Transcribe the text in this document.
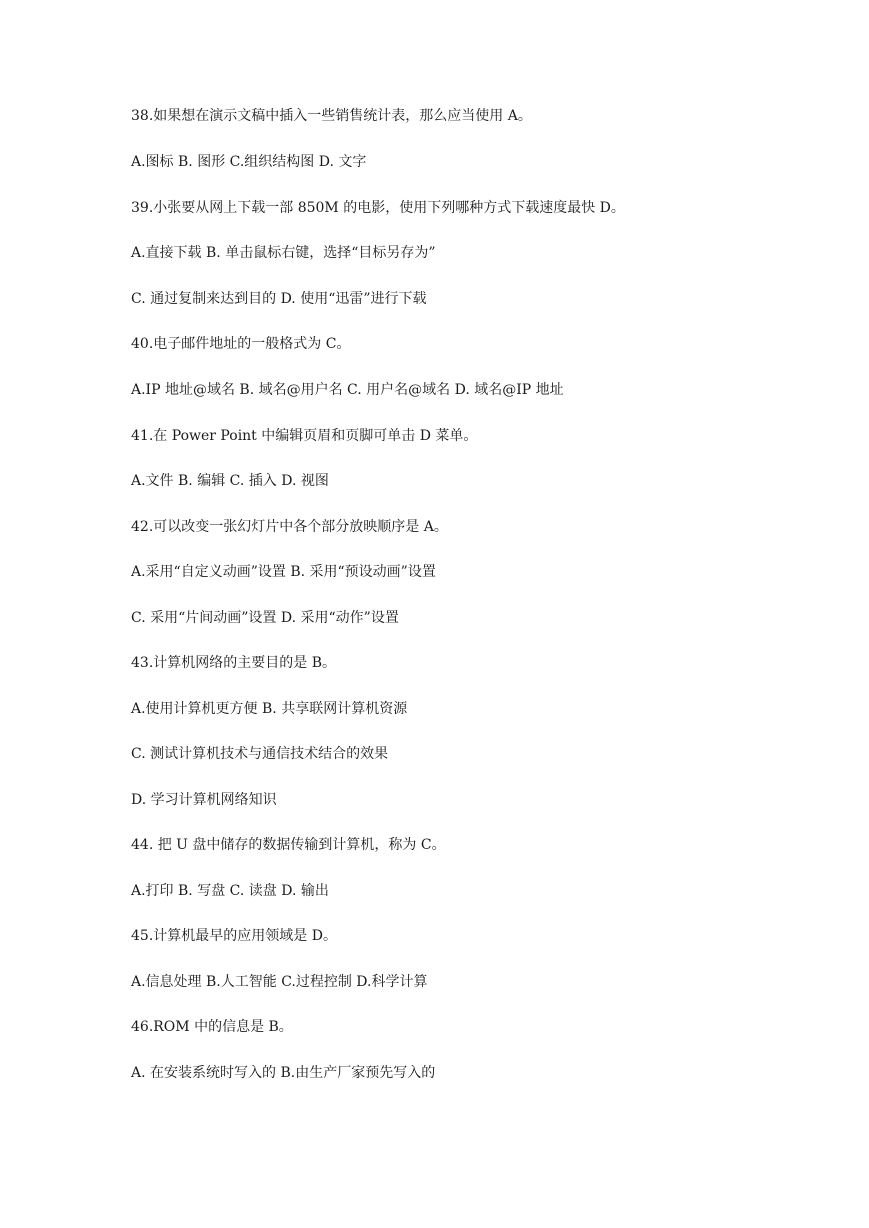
38.如果想在演示文稿中插入一些销售统计表，那么应当使用 A。
A.图标 B. 图形 C.组织结构图 D. 文字
39.小张要从网上下载一部 850M 的电影，使用下列哪种方式下载速度最快 D。
A.直接下载 B. 单击鼠标右键，选择“目标另存为”
C. 通过复制来达到目的 D. 使用“迅雷”进行下载
40.电子邮件地址的一般格式为 C。
A.IP 地址@域名 B. 域名@用户名 C. 用户名@域名 D. 域名@IP 地址
41.在 Power Point 中编辑页眉和页脚可单击 D 菜单。
A.文件 B. 编辑 C. 插入 D. 视图
42.可以改变一张幻灯片中各个部分放映顺序是 A。
A.采用“自定义动画”设置 B. 采用“预设动画”设置
C. 采用“片间动画”设置 D. 采用“动作”设置
43.计算机网络的主要目的是 B。
A.使用计算机更方便 B. 共享联网计算机资源
C. 测试计算机技术与通信技术结合的效果
D. 学习计算机网络知识
44. 把 U 盘中储存的数据传输到计算机，称为 C。
A.打印 B. 写盘 C. 读盘 D. 输出
45.计算机最早的应用领域是 D。
A.信息处理 B.人工智能 C.过程控制 D.科学计算
46.ROM 中的信息是 B。
A. 在安装系统时写入的 B.由生产厂家预先写入的
